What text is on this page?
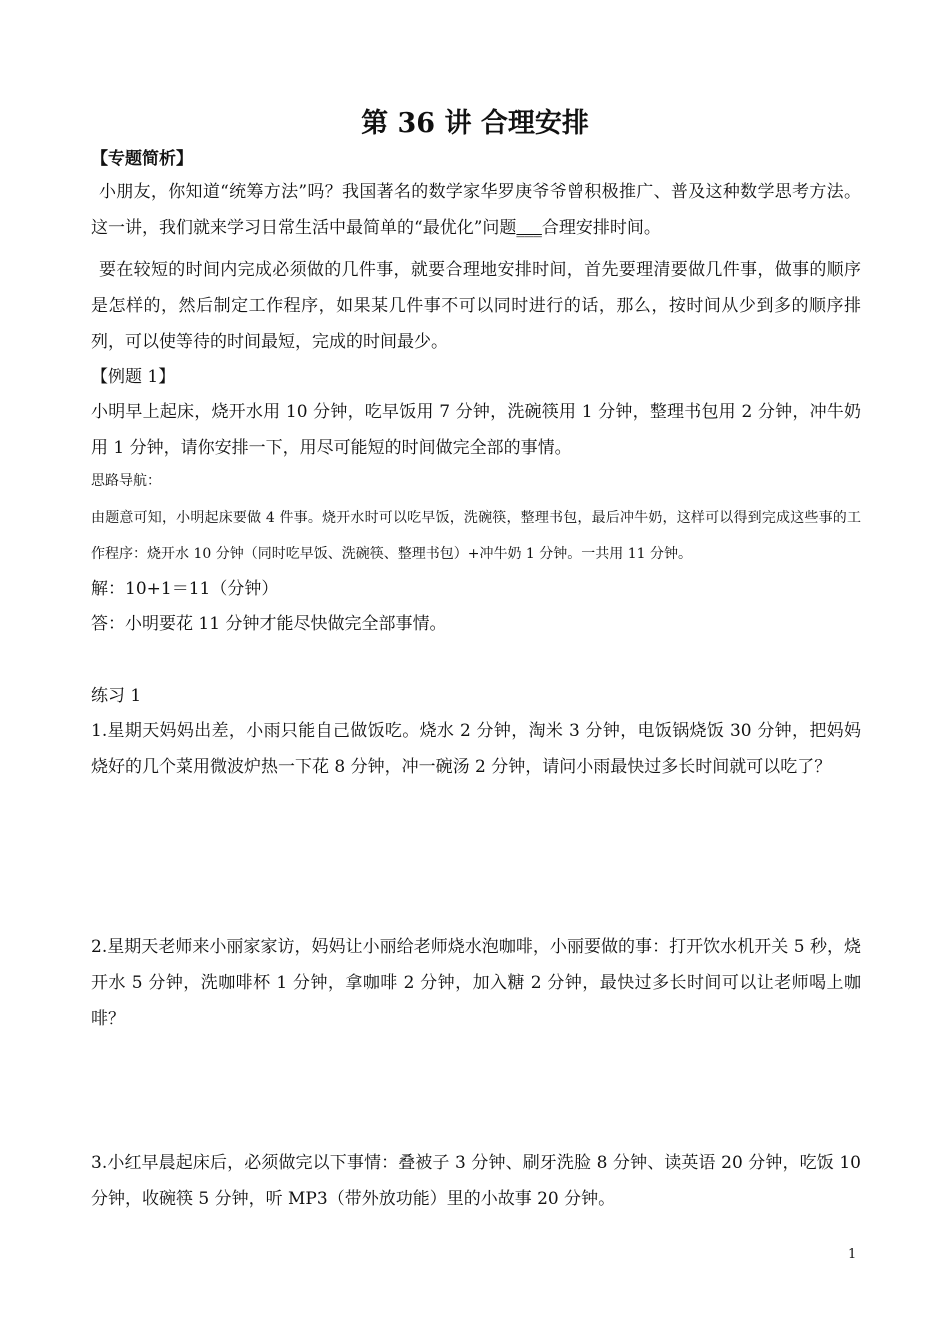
第 36 讲 合理安排
【专题简析】

小朋友，你知道“统筹方法”吗？我国著名的数学家华罗庚爷爷曾积极推广、普及这种数学思考方法。这一讲，我们就来学习日常生活中最简单的“最优化”问题___合理安排时间。

要在较短的时间内完成必须做的几件事，就要合理地安排时间，首先要理清要做几件事，做事的顺序是怎样的，然后制定工作程序，如果某几件事不可以同时进行的话，那么，按时间从少到多的顺序排列，可以使等待的时间最短，完成的时间最少。

【例题 1】

小明早上起床，烧开水用 10 分钟，吃早饭用 7 分钟，洗碗筷用 1 分钟，整理书包用 2 分钟，冲牛奶用 1 分钟，请你安排一下，用尽可能短的时间做完全部的事情。

思路导航：

由题意可知，小明起床要做 4 件事。烧开水时可以吃早饭，洗碗筷，整理书包，最后冲牛奶，这样可以得到完成这些事的工作程序：烧开水 10 分钟（同时吃早饭、洗碗筷、整理书包）+冲牛奶 1 分钟。一共用 11 分钟。

解：10+1＝11（分钟）
答：小明要花 11 分钟才能尽快做完全部事情。
练习 1

1.星期天妈妈出差，小雨只能自己做饭吃。烧水 2 分钟，淘米 3 分钟，电饭锅烧饭 30 分钟，把妈妈烧好的几个菜用微波炉热一下花 8 分钟，冲一碗汤 2 分钟，请问小雨最快过多长时间就可以吃了？

2.星期天老师来小丽家家访，妈妈让小丽给老师烧水泡咖啡，小丽要做的事：打开饮水机开关 5 秒，烧开水 5 分钟，洗咖啡杯 1 分钟，拿咖啡 2 分钟，加入糖 2 分钟，最快过多长时间可以让老师喝上咖啡？

3.小红早晨起床后，必须做完以下事情：叠被子 3 分钟、刷牙洗脸 8 分钟、读英语 20 分钟，吃饭 10 分钟，收碗筷 5 分钟，听 MP3（带外放功能）里的小故事 20 分钟。

1
